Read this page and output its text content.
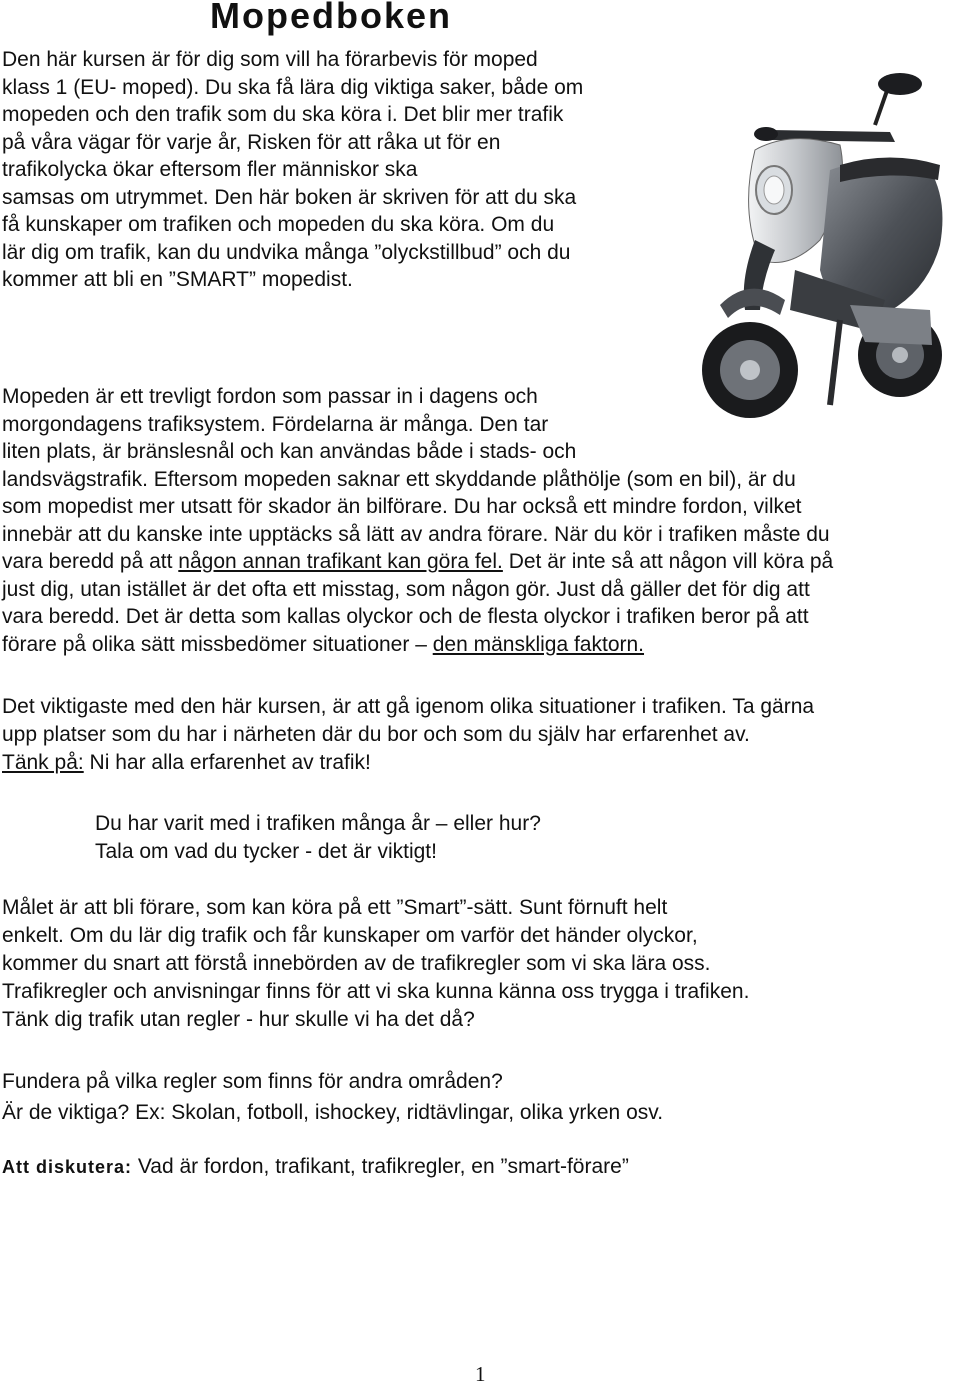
Mopedboken
Den här kursen är för dig som vill ha förarbevis för moped
klass 1 (EU- moped). Du ska få lära dig viktiga saker, både om
mopeden och den trafik som du ska köra i. Det blir mer trafik
på våra vägar för varje år, Risken för att råka ut för en
trafikolycka ökar eftersom fler människor ska
samsas om utrymmet. Den här boken är skriven för att du ska
få kunskaper om trafiken och mopeden du ska köra. Om du
lär dig om trafik, kan du undvika många ”olyckstillbud” och du
kommer att bli en ”SMART” mopedist.
Mopeden är ett trevligt fordon som passar in i dagens och
morgondagens trafiksystem. Fördelarna är många. Den tar
liten plats, är bränslesnål och kan användas både i stads- och
landsvägstrafik. Eftersom mopeden saknar ett skyddande plåthölje (som en bil), är du
som mopedist mer utsatt för skador än bilförare. Du har också ett mindre fordon, vilket
innebär att du kanske inte upptäcks så lätt av andra förare. När du kör i trafiken måste du
vara beredd på att någon annan trafikant kan göra fel. Det är inte så att någon vill köra på
just dig, utan istället är det ofta ett misstag, som någon gör. Just då gäller det för dig att
vara beredd. Det är detta som kallas olyckor och de flesta olyckor i trafiken beror på att
förare på olika sätt missbedömer situationer – den mänskliga faktorn.
Det viktigaste med den här kursen, är att gå igenom olika situationer i trafiken. Ta gärna
upp platser som du har i närheten där du bor och som du själv har erfarenhet av.
Tänk på: Ni har alla erfarenhet av trafik!
Du har varit med i trafiken många år – eller hur?
Tala om vad du tycker - det är viktigt!
Målet är att bli förare, som kan köra på ett ”Smart”-sätt. Sunt förnuft helt
enkelt. Om du lär dig trafik och får kunskaper om varför det händer olyckor,
kommer du snart att förstå innebörden av de trafikregler som vi ska lära oss.
Trafikregler och anvisningar finns för att vi ska kunna känna oss trygga i trafiken.
Tänk dig trafik utan regler - hur skulle vi ha det då?
Fundera på vilka regler som finns för andra områden?
Är de viktiga? Ex: Skolan, fotboll, ishockey, ridtävlingar, olika yrken osv.
Att diskutera: Vad är fordon, trafikant, trafikregler, en ”smart-förare”
1
